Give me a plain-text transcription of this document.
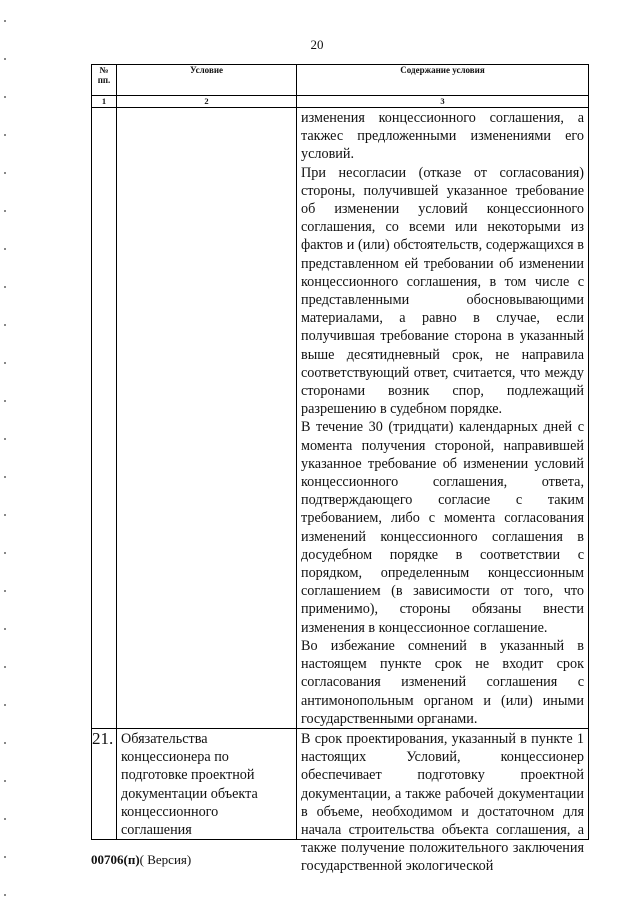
20
№
пп.	Условие	Содержание условия
1	2	3

		изменения концессионного соглашения, а такжес предложенными изменениями его условий.

При несогласии (отказе от согласования) стороны, получившей указанное требование об изменении условий концессионного соглашения, со всеми или некоторыми из фактов и (или) обстоятельств, содержащихся в представленном ей требовании об изменении концессионного соглашения, в том числе с представленными обосновывающими материалами, а равно в случае, если получившая требование сторона в указанный выше десятидневный срок, не направила соответствующий ответ, считается, что между сторонами возник спор, подлежащий разрешению в судебном порядке.

В течение 30 (тридцати) календарных дней с момента получения стороной, направившей указанное требование об изменении условий концессионного соглашения, ответа, подтверждающего согласие с таким требованием, либо с момента согласования изменений концессионного соглашения в досудебном порядке в соответствии с порядком, определенным концессионным соглашением (в зависимости от того, что применимо), стороны обязаны внести изменения в концессионное соглашение.

Во избежание сомнений в указанный в настоящем пункте срок не входит срок согласования изменений соглашения с антимонопольным органом и (или) иными государственными органами.

21.	Обязательства концессионера по подготовке проектной документации объекта концессионного соглашения	В срок проектирования, указанный в пункте 1 настоящих Условий, концессионер обеспечивает подготовку проектной документации, а также рабочей документации в объеме, необходимом и достаточном для начала строительства объекта соглашения, а также получение положительного заключения государственной экологической
00706(п)( Версия)
